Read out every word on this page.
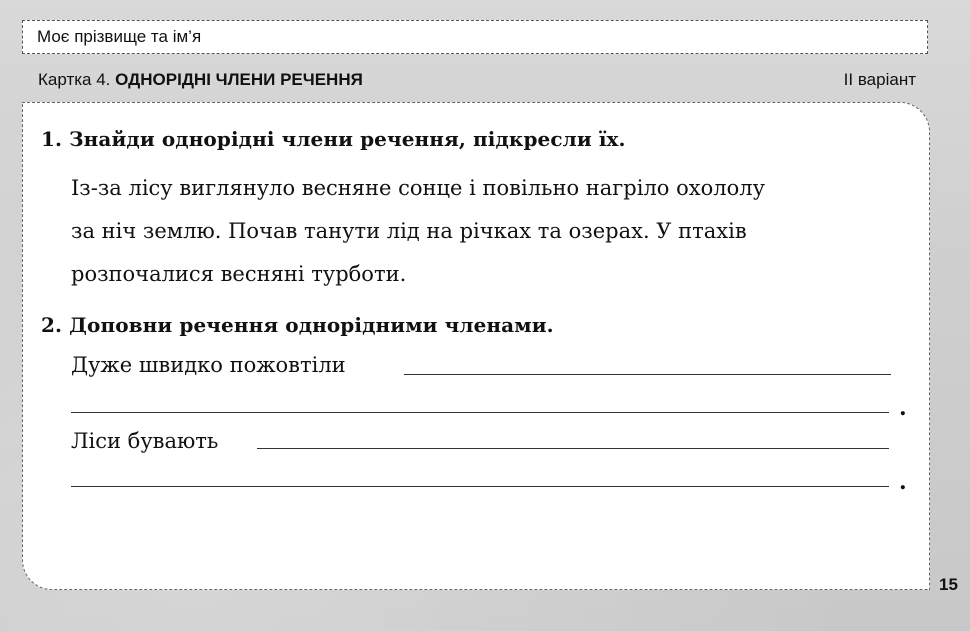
Моє прізвище та ім’я
Картка 4. ОДНОРІДНІ ЧЛЕНИ РЕЧЕННЯ	ІІ варіант
1. Знайди однорідні члени речення, підкресли їх.
Із-за лісу виглянуло весняне сонце і повільно нагріло охололу
за ніч землю. Почав танути лід на річках та озерах. У птахів
розпочалися весняні турботи.
2. Доповни речення однорідними членами.
Дуже швидко пожовтіли
.
Ліси бувають
.
15
